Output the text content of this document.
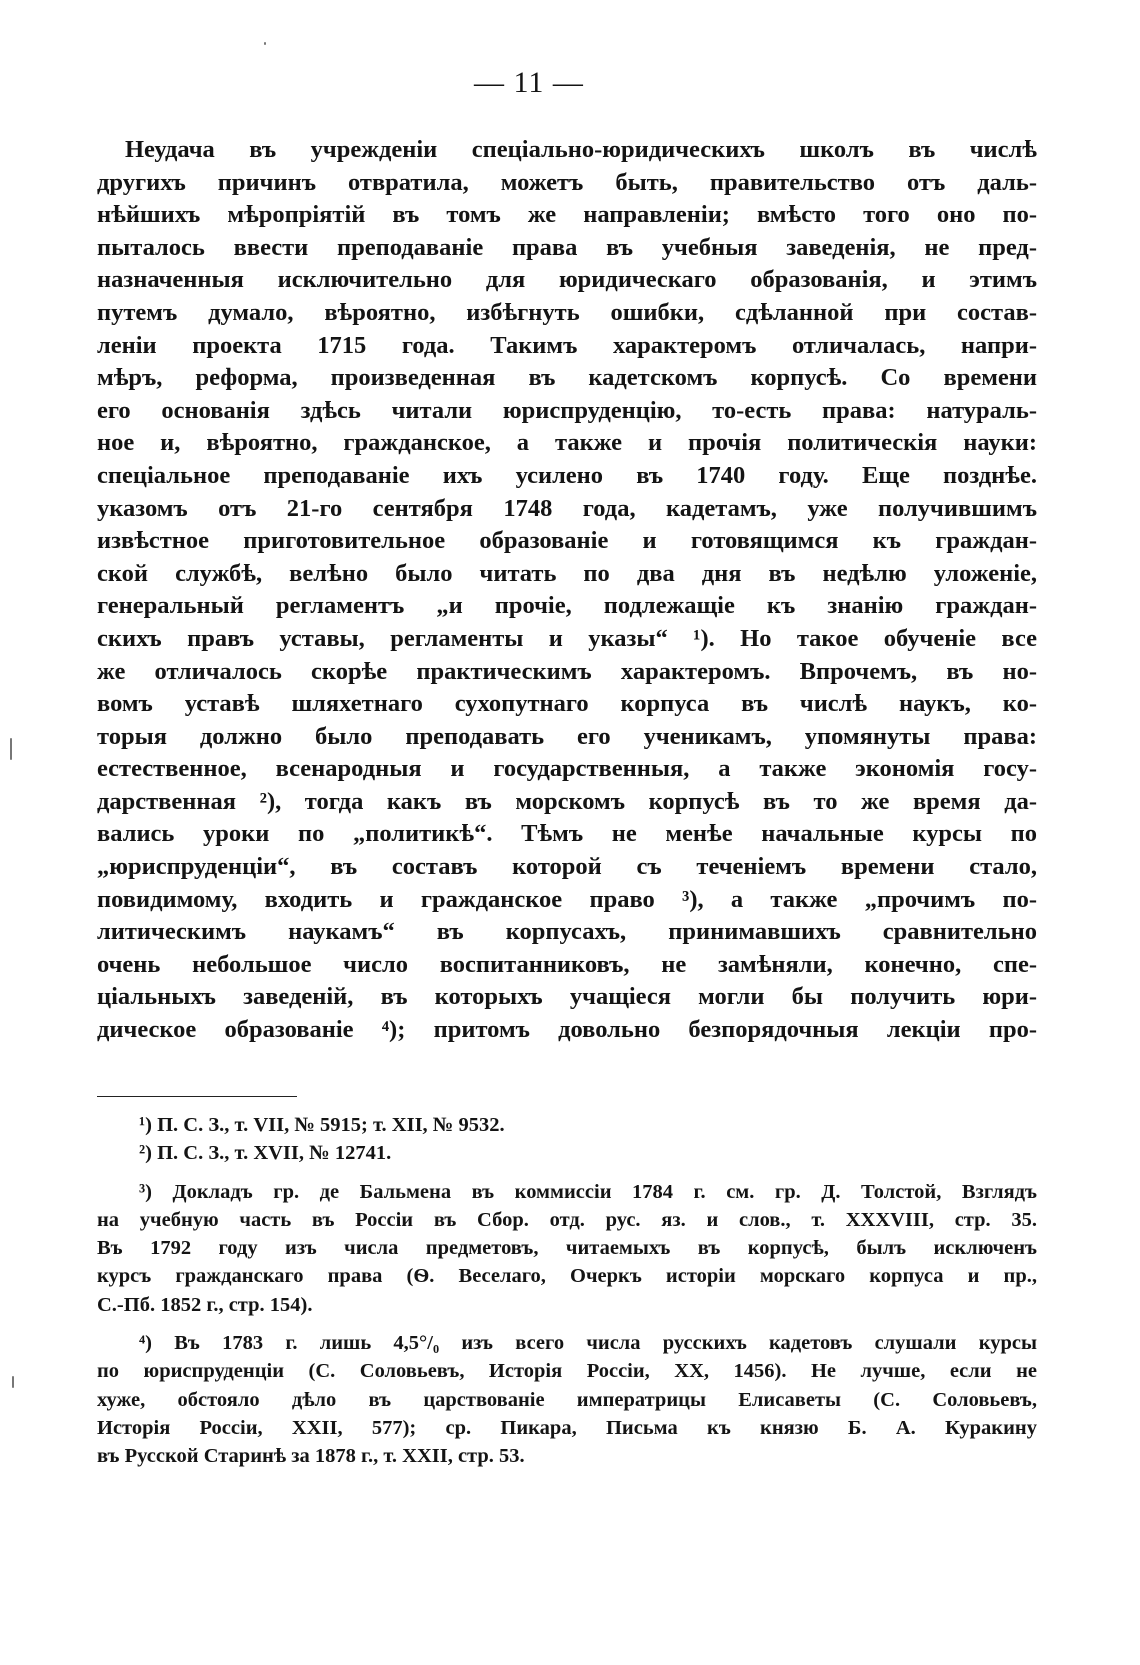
— 11 —
Неудача въ учрежденіи спеціально-юридическихъ школъ въ числѣ
другихъ причинъ отвратила, можетъ быть, правительство отъ даль-
нѣйшихъ мѣропріятій въ томъ же направленіи; вмѣсто того оно по-
пыталось ввести преподаваніе права въ учебныя заведенія, не пред-
назначенныя исключительно для юридическаго образованія, и этимъ
путемъ думало, вѣроятно, избѣгнуть ошибки, сдѣланной при состав-
леніи проекта 1715 года. Такимъ характеромъ отличалась, напри-
мѣръ, реформа, произведенная въ кадетскомъ корпусѣ. Со времени
его основанія здѣсь читали юриспруденцію, то-есть права: натураль-
ное и, вѣроятно, гражданское, а также и прочія политическія науки:
спеціальное преподаваніе ихъ усилено въ 1740 году. Еще позднѣе.
указомъ отъ 21-го сентября 1748 года, кадетамъ, уже получившимъ
извѣстное приготовительное образованіе и готовящимся къ граждан-
ской службѣ, велѣно было читать по два дня въ недѣлю уложеніе,
генеральный регламентъ „и прочіе, подлежащіе къ знанію граждан-
скихъ правъ уставы, регламенты и указы“ ¹). Но такое обученіе все
же отличалось скорѣе практическимъ характеромъ. Впрочемъ, въ но-
вомъ уставѣ шляхетнаго сухопутнаго корпуса въ числѣ наукъ, ко-
торыя должно было преподавать его ученикамъ, упомянуты права:
естественное, всенародныя и государственныя, а также экономія госу-
дарственная ²), тогда какъ въ морскомъ корпусѣ въ то же время да-
вались уроки по „политикѣ“. Тѣмъ не менѣе начальные курсы по
„юриспруденціи“, въ составъ которой съ теченіемъ времени стало,
повидимому, входить и гражданское право ³), а также „прочимъ по-
литическимъ наукамъ“ въ корпусахъ, принимавшихъ сравнительно
очень небольшое число воспитанниковъ, не замѣняли, конечно, спе-
ціальныхъ заведеній, въ которыхъ учащіеся могли бы получить юри-
дическое образованіе ⁴); притомъ довольно безпорядочныя лекціи про-
¹) П. С. З., т. VII, № 5915; т. XII, № 9532.
²) П. С. З., т. XVII, № 12741.
³) Докладъ гр. де Бальмена въ коммиссіи 1784 г. см. гр. Д. Толстой, Взглядъ
на учебную часть въ Россіи въ Сбор. отд. рус. яз. и слов., т. XXXVIII, стр. 35.
Въ 1792 году изъ числа предметовъ, читаемыхъ въ корпусѣ, былъ исключенъ
курсъ гражданскаго права (Ѳ. Веселаго, Очеркъ исторіи морскаго корпуса и пр.,
С.-Пб. 1852 г., стр. 154).
⁴) Въ 1783 г. лишь 4,5°/₀ изъ всего числа русскихъ кадетовъ слушали курсы
по юриспруденціи (С. Соловьевъ, Исторія Россіи, XX, 1456). Не лучше, если не
хуже, обстояло дѣло въ царствованіе императрицы Елисаветы (С. Соловьевъ,
Исторія Россіи, XXII, 577); ср. Пикара, Письма къ князю Б. А. Куракину
въ Русской Старинѣ за 1878 г., т. XXII, стр. 53.
